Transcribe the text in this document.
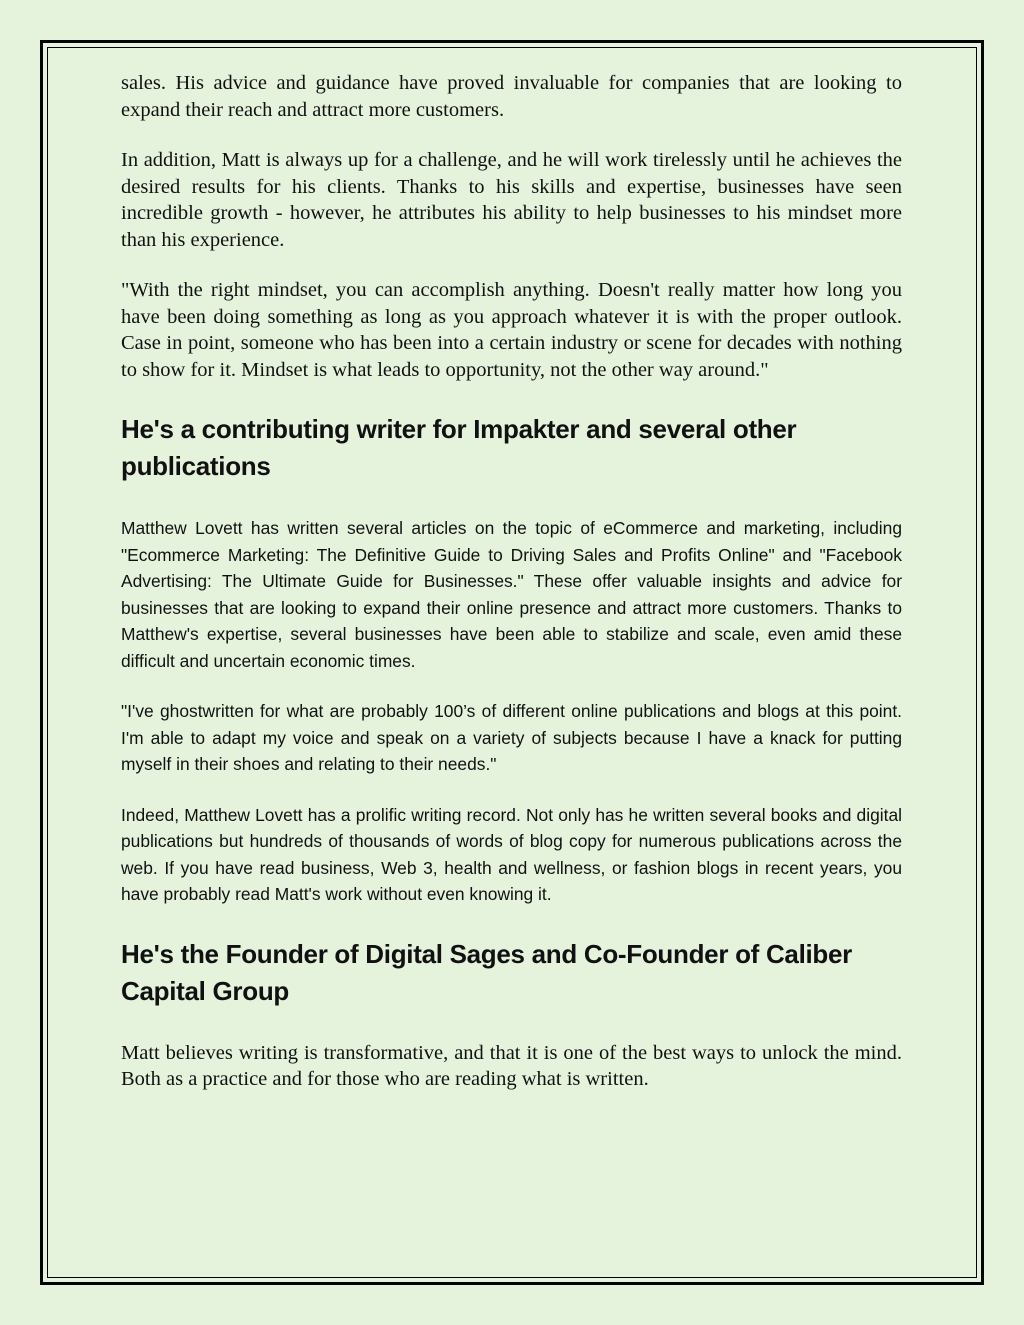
sales. His advice and guidance have proved invaluable for companies that are looking to expand their reach and attract more customers.

In addition, Matt is always up for a challenge, and he will work tirelessly until he achieves the desired results for his clients. Thanks to his skills and expertise, businesses have seen incredible growth - however, he attributes his ability to help businesses to his mindset more than his experience.

"With the right mindset, you can accomplish anything. Doesn't really matter how long you have been doing something as long as you approach whatever it is with the proper outlook. Case in point, someone who has been into a certain industry or scene for decades with nothing to show for it. Mindset is what leads to opportunity, not the other way around."

He's a contributing writer for Impakter and several other publications

Matthew Lovett has written several articles on the topic of eCommerce and marketing, including "Ecommerce Marketing: The Definitive Guide to Driving Sales and Profits Online" and "Facebook Advertising: The Ultimate Guide for Businesses." These offer valuable insights and advice for businesses that are looking to expand their online presence and attract more customers. Thanks to Matthew's expertise, several businesses have been able to stabilize and scale, even amid these difficult and uncertain economic times.

"I've ghostwritten for what are probably 100’s of different online publications and blogs at this point. I'm able to adapt my voice and speak on a variety of subjects because I have a knack for putting myself in their shoes and relating to their needs."

Indeed, Matthew Lovett has a prolific writing record. Not only has he written several books and digital publications but hundreds of thousands of words of blog copy for numerous publications across the web. If you have read business, Web 3, health and wellness, or fashion blogs in recent years, you have probably read Matt's work without even knowing it.

He's the Founder of Digital Sages and Co-Founder of Caliber Capital Group

Matt believes writing is transformative, and that it is one of the best ways to unlock the mind. Both as a practice and for those who are reading what is written.
